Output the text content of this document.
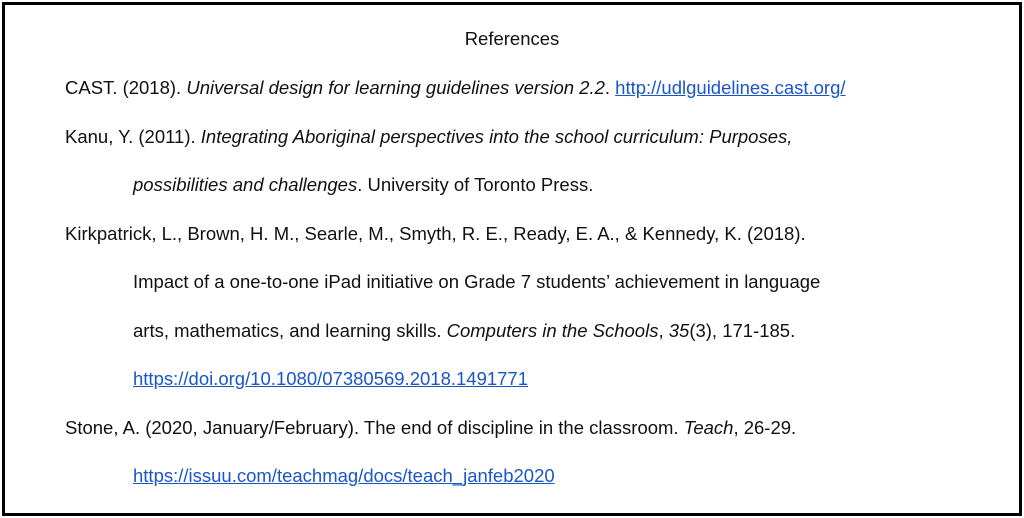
References
CAST. (2018). Universal design for learning guidelines version 2.2. http://udlguidelines.cast.org/
Kanu, Y. (2011). Integrating Aboriginal perspectives into the school curriculum: Purposes,
possibilities and challenges. University of Toronto Press.
Kirkpatrick, L., Brown, H. M., Searle, M., Smyth, R. E., Ready, E. A., & Kennedy, K. (2018).
Impact of a one-to-one iPad initiative on Grade 7 students’ achievement in language
arts, mathematics, and learning skills. Computers in the Schools, 35(3), 171-185.
https://doi.org/10.1080/07380569.2018.1491771
Stone, A. (2020, January/February). The end of discipline in the classroom. Teach, 26-29.
https://issuu.com/teachmag/docs/teach_janfeb2020
